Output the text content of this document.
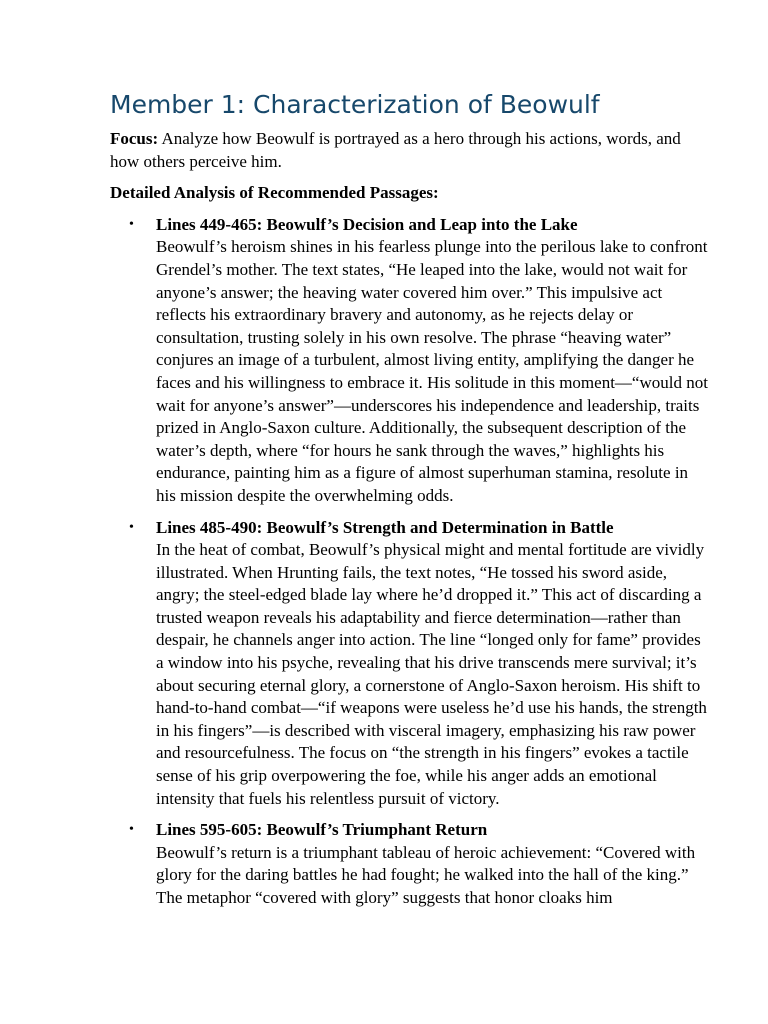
Member 1: Characterization of Beowulf

Focus: Analyze how Beowulf is portrayed as a hero through his actions, words, and how others perceive him.

Detailed Analysis of Recommended Passages:

• Lines 449-465: Beowulf’s Decision and Leap into the Lake
Beowulf’s heroism shines in his fearless plunge into the perilous lake to confront Grendel’s mother. The text states, “He leaped into the lake, would not wait for anyone’s answer; the heaving water covered him over.” This impulsive act reflects his extraordinary bravery and autonomy, as he rejects delay or consultation, trusting solely in his own resolve. The phrase “heaving water” conjures an image of a turbulent, almost living entity, amplifying the danger he faces and his willingness to embrace it. His solitude in this moment—“would not wait for anyone’s answer”—underscores his independence and leadership, traits prized in Anglo-Saxon culture. Additionally, the subsequent description of the water’s depth, where “for hours he sank through the waves,” highlights his endurance, painting him as a figure of almost superhuman stamina, resolute in his mission despite the overwhelming odds.
• Lines 485-490: Beowulf’s Strength and Determination in Battle
In the heat of combat, Beowulf’s physical might and mental fortitude are vividly illustrated. When Hrunting fails, the text notes, “He tossed his sword aside, angry; the steel-edged blade lay where he’d dropped it.” This act of discarding a trusted weapon reveals his adaptability and fierce determination—rather than despair, he channels anger into action. The line “longed only for fame” provides a window into his psyche, revealing that his drive transcends mere survival; it’s about securing eternal glory, a cornerstone of Anglo-Saxon heroism. His shift to hand-to-hand combat—“if weapons were useless he’d use his hands, the strength in his fingers”—is described with visceral imagery, emphasizing his raw power and resourcefulness. The focus on “the strength in his fingers” evokes a tactile sense of his grip overpowering the foe, while his anger adds an emotional intensity that fuels his relentless pursuit of victory.
• Lines 595-605: Beowulf’s Triumphant Return
Beowulf’s return is a triumphant tableau of heroic achievement: “Covered with glory for the daring battles he had fought; he walked into the hall of the king.” The metaphor “covered with glory” suggests that honor cloaks him
